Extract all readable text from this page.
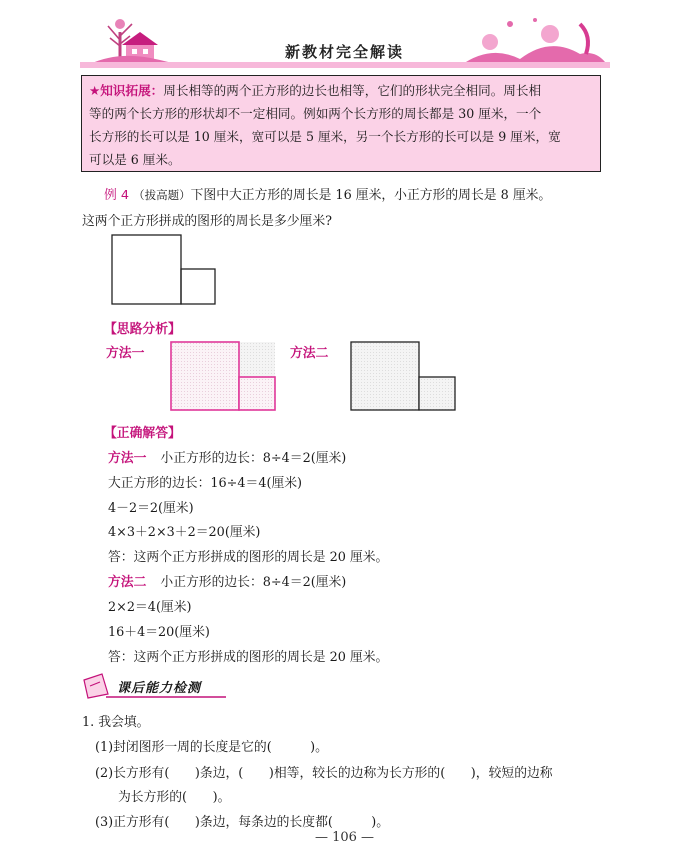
新教材完全解读
★知识拓展：周长相等的两个正方形的边长也相等，它们的形状完全相同。周长相
等的两个长方形的形状却不一定相同。例如两个长方形的周长都是 30 厘米，一个
长方形的长可以是 10 厘米，宽可以是 5 厘米，另一个长方形的长可以是 9 厘米，宽
可以是 6 厘米。
例 4 （拔高题）下图中大正方形的周长是 16 厘米，小正方形的周长是 8 厘米。
这两个正方形拼成的图形的周长是多少厘米?
【思路分析】
方法一	方法二
【正确解答】
方法一 小正方形的边长：8÷4＝2(厘米)
大正方形的边长：16÷4＝4(厘米)
4－2＝2(厘米)
4×3＋2×3＋2＝20(厘米)
答：这两个正方形拼成的图形的周长是 20 厘米。
方法二 小正方形的边长：8÷4＝2(厘米)
2×2＝4(厘米)
16＋4＝20(厘米)
答：这两个正方形拼成的图形的周长是 20 厘米。
课后能力检测
1. 我会填。
(1)封闭图形一周的长度是它的(　　　)。
(2)长方形有(　　)条边，(　　)相等，较长的边称为长方形的(　　)，较短的边称
为长方形的(　　)。
(3)正方形有(　　)条边，每条边的长度都(　　　)。
— 106 —
